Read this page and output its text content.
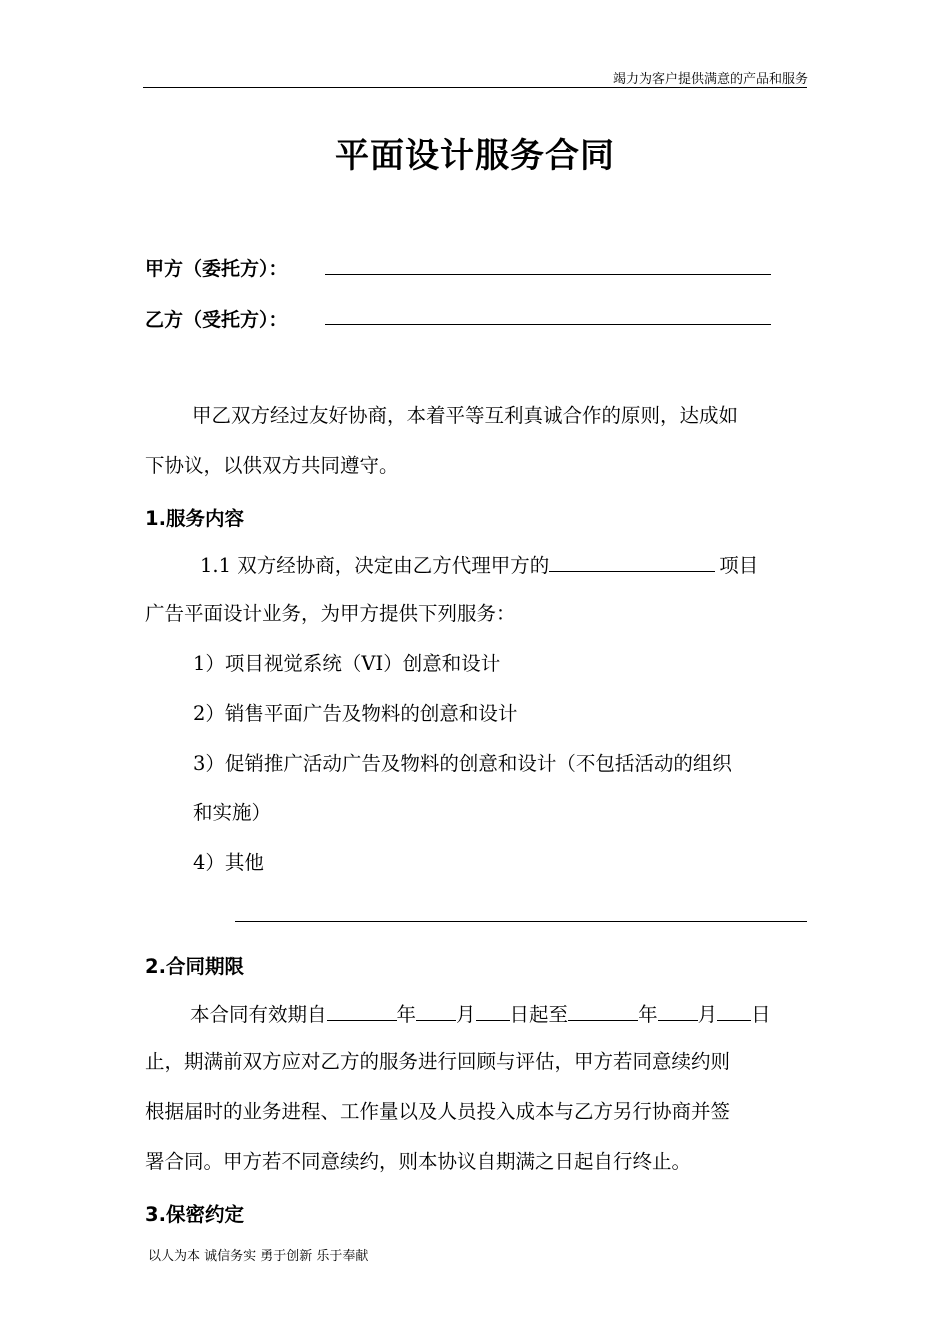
竭力为客户提供满意的产品和服务
平面设计服务合同
甲方（委托方）：
乙方（受托方）：
甲乙双方经过友好协商，本着平等互利真诚合作的原则，达成如
下协议，以供双方共同遵守。
1.服务内容
1.1 双方经协商，决定由乙方代理甲方的	项目
广告平面设计业务，为甲方提供下列服务：
1）项目视觉系统（VI）创意和设计
2）销售平面广告及物料的创意和设计
3）促销推广活动广告及物料的创意和设计（不包括活动的组织
和实施）
4）其他
2.合同期限
本合同有效期自	年 月 日起至	年 月 日
止，期满前双方应对乙方的服务进行回顾与评估，甲方若同意续约则
根据届时的业务进程、工作量以及人员投入成本与乙方另行协商并签
署合同。甲方若不同意续约，则本协议自期满之日起自行终止。
3.保密约定
以人为本 诚信务实 勇于创新 乐于奉献
